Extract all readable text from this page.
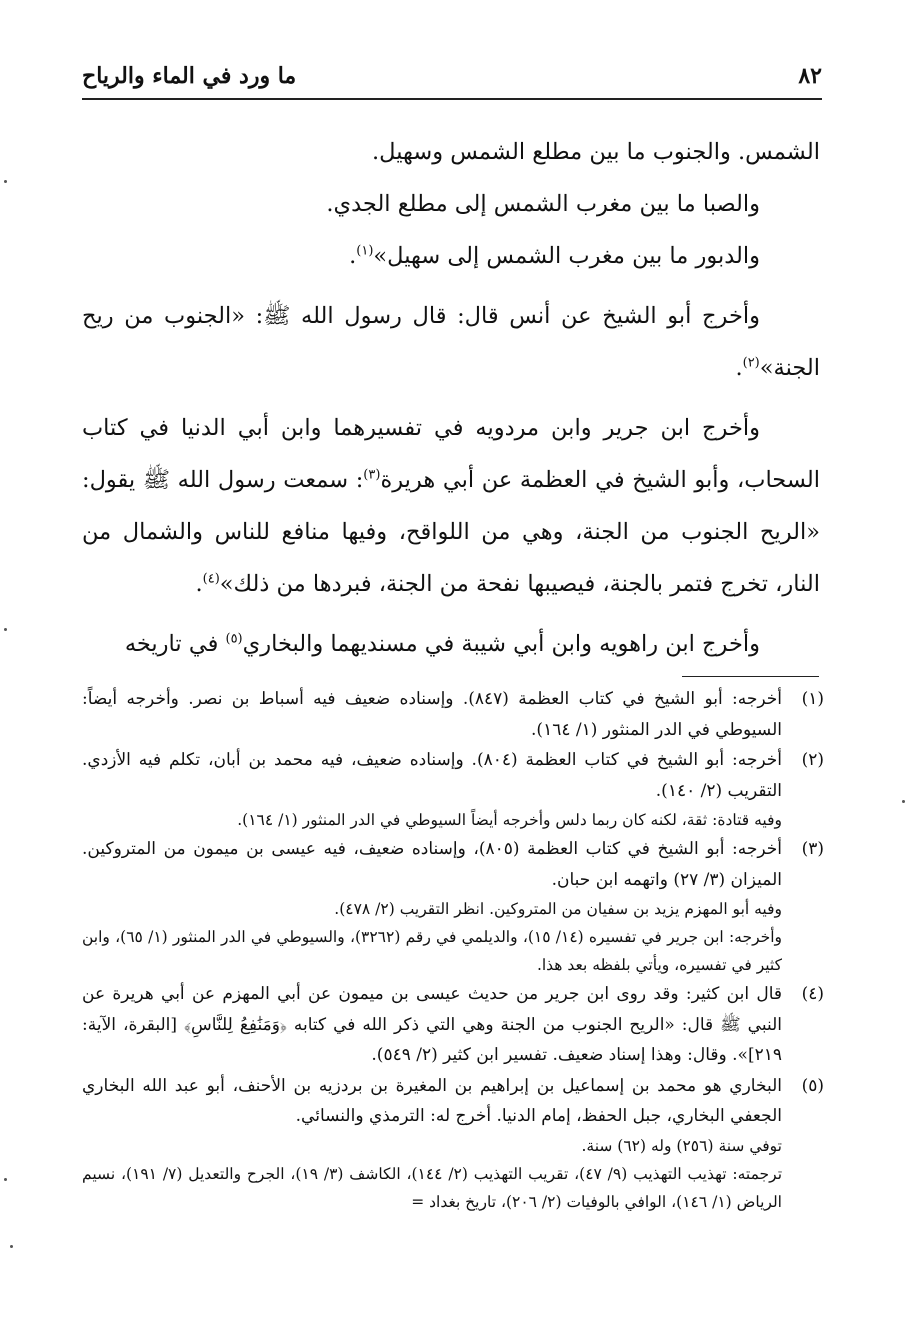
٨٢
ما ورد في الماء والرياح

الشمس. والجنوب ما بين مطلع الشمس وسهيل.

والصبا ما بين مغرب الشمس إلى مطلع الجدي.

والدبور ما بين مغرب الشمس إلى سهيل»$^{(١)}$.

وأخرج أبو الشيخ عن أنس قال: قال رسول الله ﷺ: «الجنوب من ريح الجنة»$^{(٢)}$.

وأخرج ابن جرير وابن مردويه في تفسيرهما وابن أبي الدنيا في كتاب السحاب، وأبو الشيخ في العظمة عن أبي هريرة$^{(٣)}$: سمعت رسول الله ﷺ يقول: «الريح الجنوب من الجنة، وهي من اللواقح، وفيها منافع للناس والشمال من النار، تخرج فتمر بالجنة، فيصيبها نفحة من الجنة، فبردها من ذلك»$^{(٤)}$.

وأخرج ابن راهويه وابن أبي شيبة في مسنديهما والبخاري$^{(٥)}$ في تاريخه

(١)

أخرجه: أبو الشيخ في كتاب العظمة (٨٤٧). وإسناده ضعيف فيه أسباط بن نصر. وأخرجه أيضاً: السيوطي في الدر المنثور (١/ ١٦٤).

(٢)

أخرجه: أبو الشيخ في كتاب العظمة (٨٠٤). وإسناده ضعيف، فيه محمد بن أبان، تكلم فيه الأزدي. التقريب (٢/ ١٤٠).

وفيه قتادة: ثقة، لكنه كان ربما دلس وأخرجه أيضاً السيوطي في الدر المنثور (١/ ١٦٤).

(٣)

أخرجه: أبو الشيخ في كتاب العظمة (٨٠٥)، وإسناده ضعيف، فيه عيسى بن ميمون من المتروكين. الميزان (٣/ ٢٧) واتهمه ابن حبان.

وفيه أبو المهزم يزيد بن سفيان من المتروكين. انظر التقريب (٢/ ٤٧٨).

وأخرجه: ابن جرير في تفسيره (١٤/ ١٥)، والديلمي في رقم (٣٢٦٢)، والسيوطي في الدر المنثور (١/ ٦٥)، وابن كثير في تفسيره، ويأتي بلفظه بعد هذا.

(٤)

قال ابن كثير: وقد روى ابن جرير من حديث عيسى بن ميمون عن أبي المهزم عن أبي هريرة عن النبي ﷺ قال: «الريح الجنوب من الجنة وهي التي ذكر الله في كتابه ﴿وَمَنَٰفِعُ لِلنَّاسِ﴾ [البقرة، الآية: ٢١٩]». وقال: وهذا إسناد ضعيف. تفسير ابن كثير (٢/ ٥٤٩).

(٥)

البخاري هو محمد بن إسماعيل بن إبراهيم بن المغيرة بن بردزيه بن الأحنف، أبو عبد الله البخاري الجعفي البخاري، جبل الحفظ، إمام الدنيا. أخرج له: الترمذي والنسائي.

توفي سنة (٢٥٦) وله (٦٢) سنة.

ترجمته: تهذيب التهذيب (٩/ ٤٧)، تقريب التهذيب (٢/ ١٤٤)، الكاشف (٣/ ١٩)، الجرح والتعديل (٧/ ١٩١)، نسيم الرياض (١/ ١٤٦)، الوافي بالوفيات (٢/ ٢٠٦)، تاريخ بغداد =
